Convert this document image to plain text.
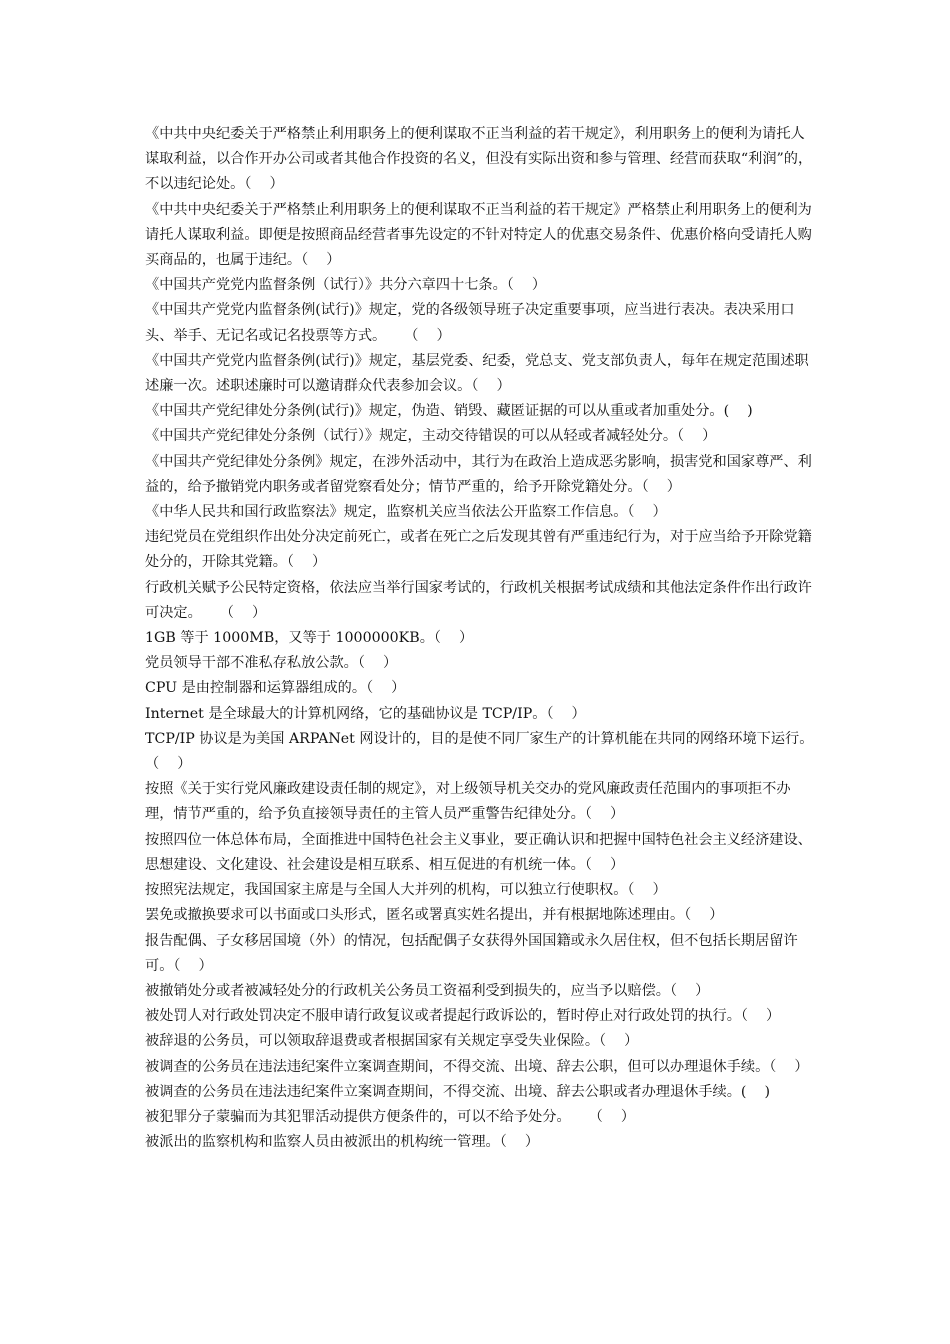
《中共中央纪委关于严格禁止利用职务上的便利谋取不正当利益的若干规定》，利用职务上的便利为请托人谋取利益，以合作开办公司或者其他合作投资的名义，但没有实际出资和参与管理、经营而获取“利润”的，不以违纪论处。（    ）

《中共中央纪委关于严格禁止利用职务上的便利谋取不正当利益的若干规定》严格禁止利用职务上的便利为请托人谋取利益。即便是按照商品经营者事先设定的不针对特定人的优惠交易条件、优惠价格向受请托人购买商品的，也属于违纪。（    ）

《中国共产党党内监督条例（试行）》共分六章四十七条。（    ）

《中国共产党党内监督条例(试行)》规定，党的各级领导班子决定重要事项，应当进行表决。表决采用口头、举手、无记名或记名投票等方式。    （    ）

《中国共产党党内监督条例(试行)》规定，基层党委、纪委，党总支、党支部负责人，每年在规定范围述职述廉一次。述职述廉时可以邀请群众代表参加会议。（    ）

《中国共产党纪律处分条例(试行)》规定，伪造、销毁、藏匿证据的可以从重或者加重处分。(    )

《中国共产党纪律处分条例（试行）》规定，主动交待错误的可以从轻或者减轻处分。（    ）

《中国共产党纪律处分条例》规定，在涉外活动中，其行为在政治上造成恶劣影响，损害党和国家尊严、利益的，给予撤销党内职务或者留党察看处分；情节严重的，给予开除党籍处分。（    ）

《中华人民共和国行政监察法》规定，监察机关应当依法公开监察工作信息。（    ）

违纪党员在党组织作出处分决定前死亡，或者在死亡之后发现其曾有严重违纪行为，对于应当给予开除党籍处分的，开除其党籍。（    ）

行政机关赋予公民特定资格，依法应当举行国家考试的，行政机关根据考试成绩和其他法定条件作出行政许可决定。    （    ）

1GB 等于 1000MB，又等于 1000000KB。（    ）

党员领导干部不准私存私放公款。（    ）

CPU 是由控制器和运算器组成的。（    ）

Internet 是全球最大的计算机网络，它的基础协议是 TCP/IP。（    ）

TCP/IP 协议是为美国 ARPANet 网设计的，目的是使不同厂家生产的计算机能在共同的网络环境下运行。（    ）

按照《关于实行党风廉政建设责任制的规定》，对上级领导机关交办的党风廉政责任范围内的事项拒不办理，情节严重的，给予负直接领导责任的主管人员严重警告纪律处分。（    ）

按照四位一体总体布局，全面推进中国特色社会主义事业，要正确认识和把握中国特色社会主义经济建设、思想建设、文化建设、社会建设是相互联系、相互促进的有机统一体。（    ）

按照宪法规定，我国国家主席是与全国人大并列的机构，可以独立行使职权。（    ）

罢免或撤换要求可以书面或口头形式，匿名或署真实姓名提出，并有根据地陈述理由。（    ）

报告配偶、子女移居国境（外）的情况，包括配偶子女获得外国国籍或永久居住权，但不包括长期居留许可。（    ）

被撤销处分或者被减轻处分的行政机关公务员工资福利受到损失的，应当予以赔偿。（    ）

被处罚人对行政处罚决定不服申请行政复议或者提起行政诉讼的，暂时停止对行政处罚的执行。（    ）

被辞退的公务员，可以领取辞退费或者根据国家有关规定享受失业保险。（    ）

被调查的公务员在违法违纪案件立案调查期间，不得交流、出境、辞去公职，但可以办理退休手续。（    ）

被调查的公务员在违法违纪案件立案调查期间，不得交流、出境、辞去公职或者办理退休手续。(    )

被犯罪分子蒙骗而为其犯罪活动提供方便条件的，可以不给予处分。    （    ）

被派出的监察机构和监察人员由被派出的机构统一管理。（    ）
